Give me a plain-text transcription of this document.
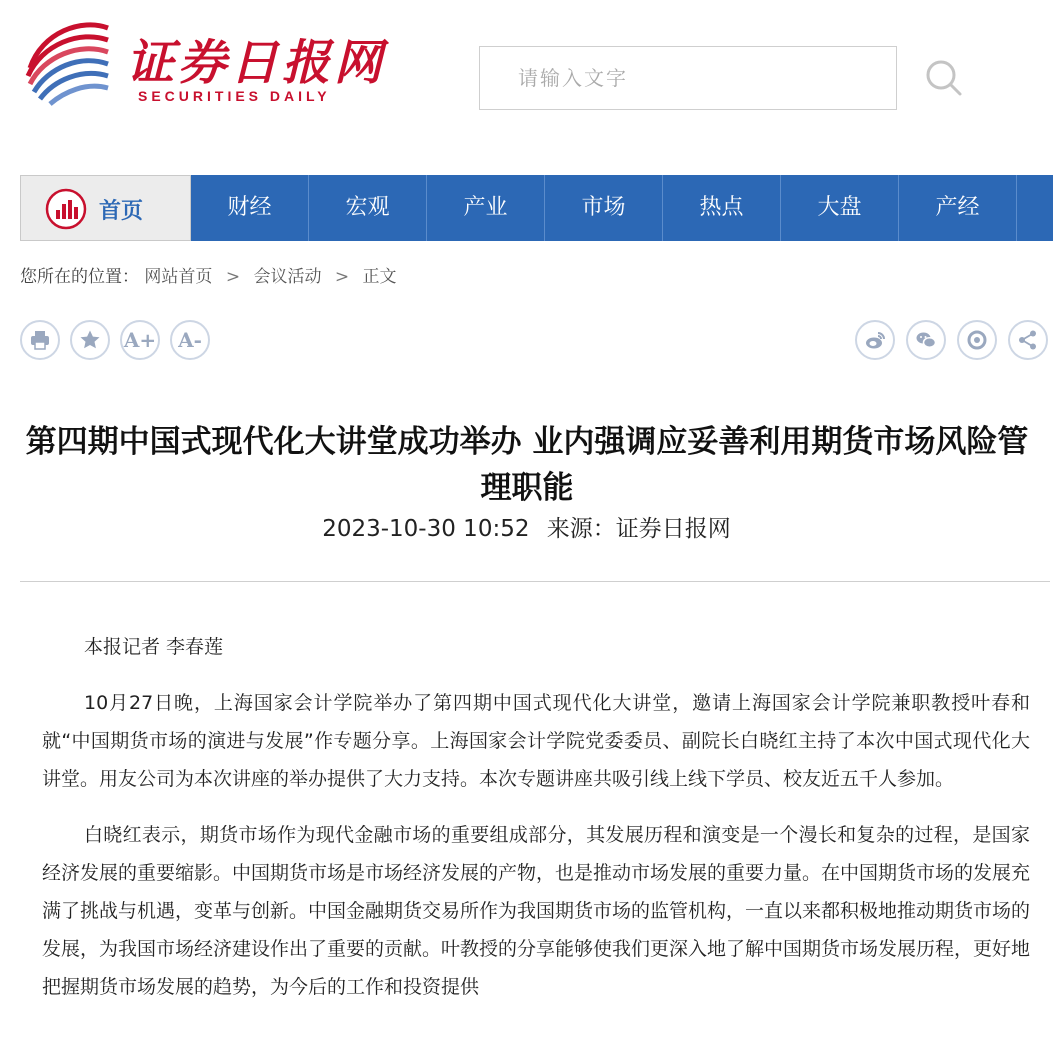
证券日报网
SECURITIES DAILY
请输入文字
首页	财经	宏观	产业	市场	热点	大盘	产经
您所在的位置： 网站首页 > 会议活动 > 正文
A+	A-
第四期中国式现代化大讲堂成功举办 业内强调应妥善利用期货市场风险管理职能
2023-10-30 10:52 来源：证券日报网

本报记者 李春莲

10月27日晚，上海国家会计学院举办了第四期中国式现代化大讲堂，邀请上海国家会计学院兼职教授叶春和就“中国期货市场的演进与发展”作专题分享。上海国家会计学院党委委员、副院长白晓红主持了本次中国式现代化大讲堂。用友公司为本次讲座的举办提供了大力支持。本次专题讲座共吸引线上线下学员、校友近五千人参加。

白晓红表示，期货市场作为现代金融市场的重要组成部分，其发展历程和演变是一个漫长和复杂的过程，是国家经济发展的重要缩影。中国期货市场是市场经济发展的产物，也是推动市场发展的重要力量。在中国期货市场的发展充满了挑战与机遇，变革与创新。中国金融期货交易所作为我国期货市场的监管机构，一直以来都积极地推动期货市场的发展，为我国市场经济建设作出了重要的贡献。叶教授的分享能够使我们更深入地了解中国期货市场发展历程，更好地把握期货市场发展的趋势，为今后的工作和投资提供
